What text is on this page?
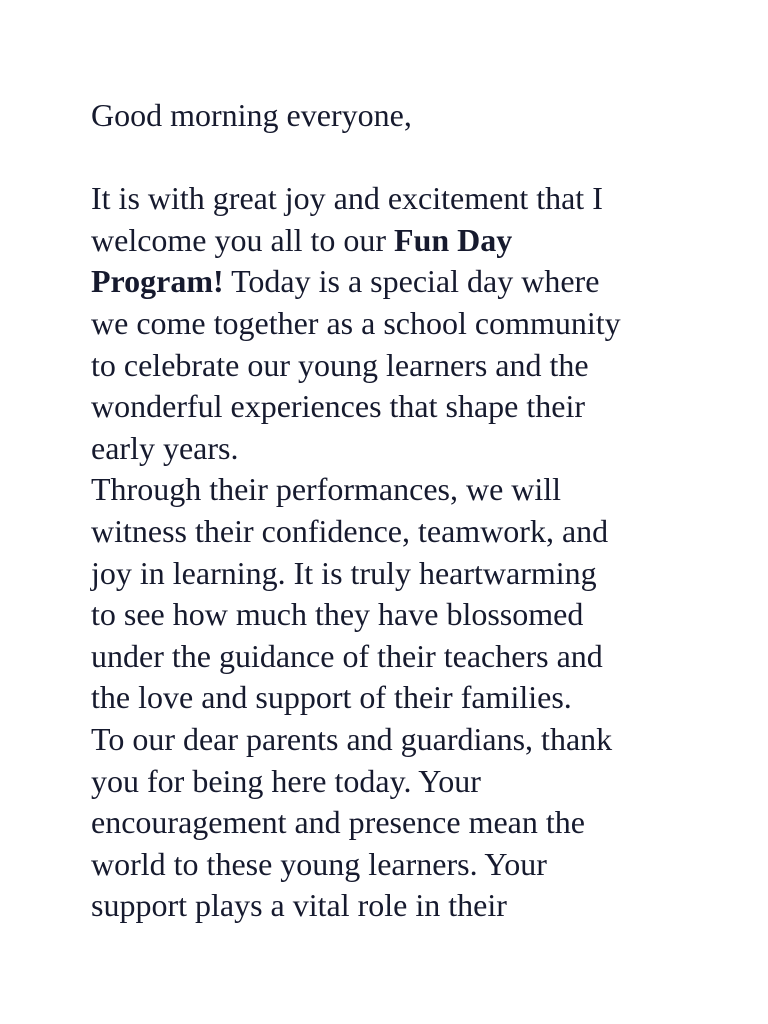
Good morning everyone,
It is with great joy and excitement that I
welcome you all to our Fun Day
Program! Today is a special day where
we come together as a school community
to celebrate our young learners and the
wonderful experiences that shape their
early years.
Through their performances, we will
witness their confidence, teamwork, and
joy in learning. It is truly heartwarming
to see how much they have blossomed
under the guidance of their teachers and
the love and support of their families.
To our dear parents and guardians, thank
you for being here today. Your
encouragement and presence mean the
world to these young learners. Your
support plays a vital role in their
